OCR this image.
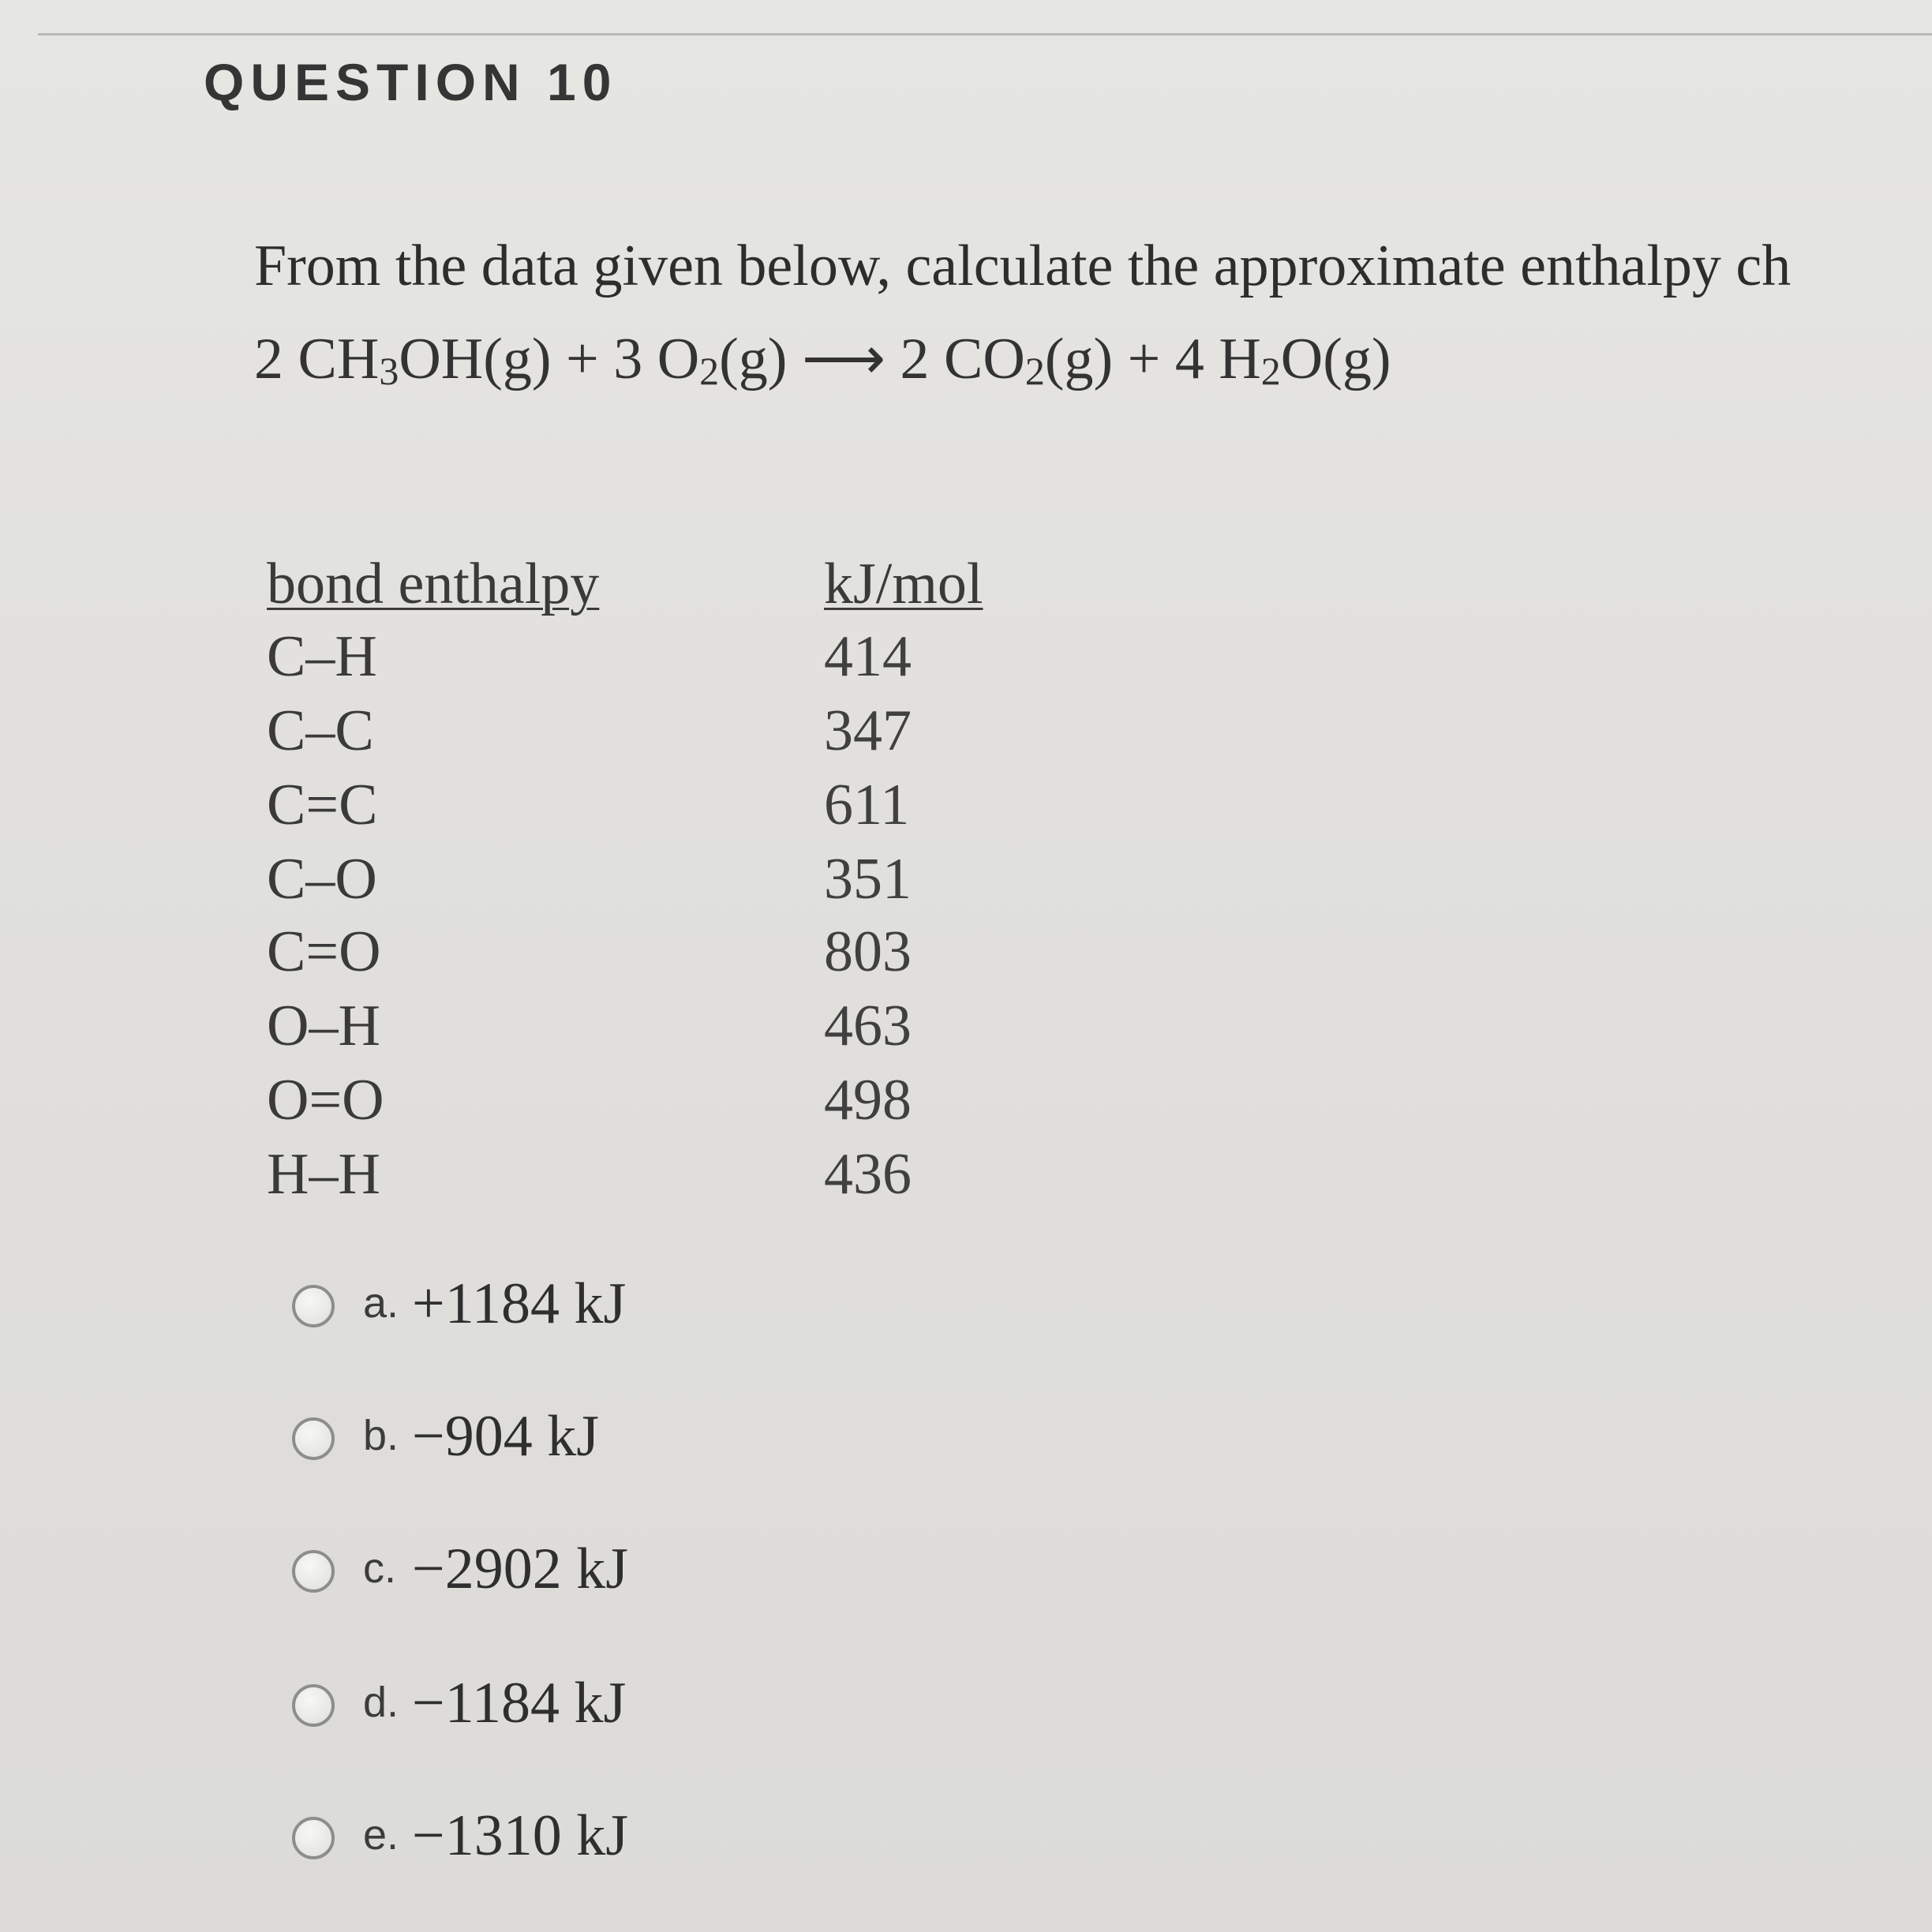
QUESTION 10
From the data given below, calculate the approximate enthalpy ch
2 $CH_3OH(g) + 3$ $O_2(g)$ ⟶ 2 $CO_2(g) + 4$ $H_2O(g)$
bond enthalpy	kJ/mol
C–H	414
C–C	347
C=C	611
C–O	351
C=O	803
O–H	463
O=O	498
H–H	436
a. +1184 kJ
b. −904 kJ
c. −2902 kJ
d. −1184 kJ
e. −1310 kJ
